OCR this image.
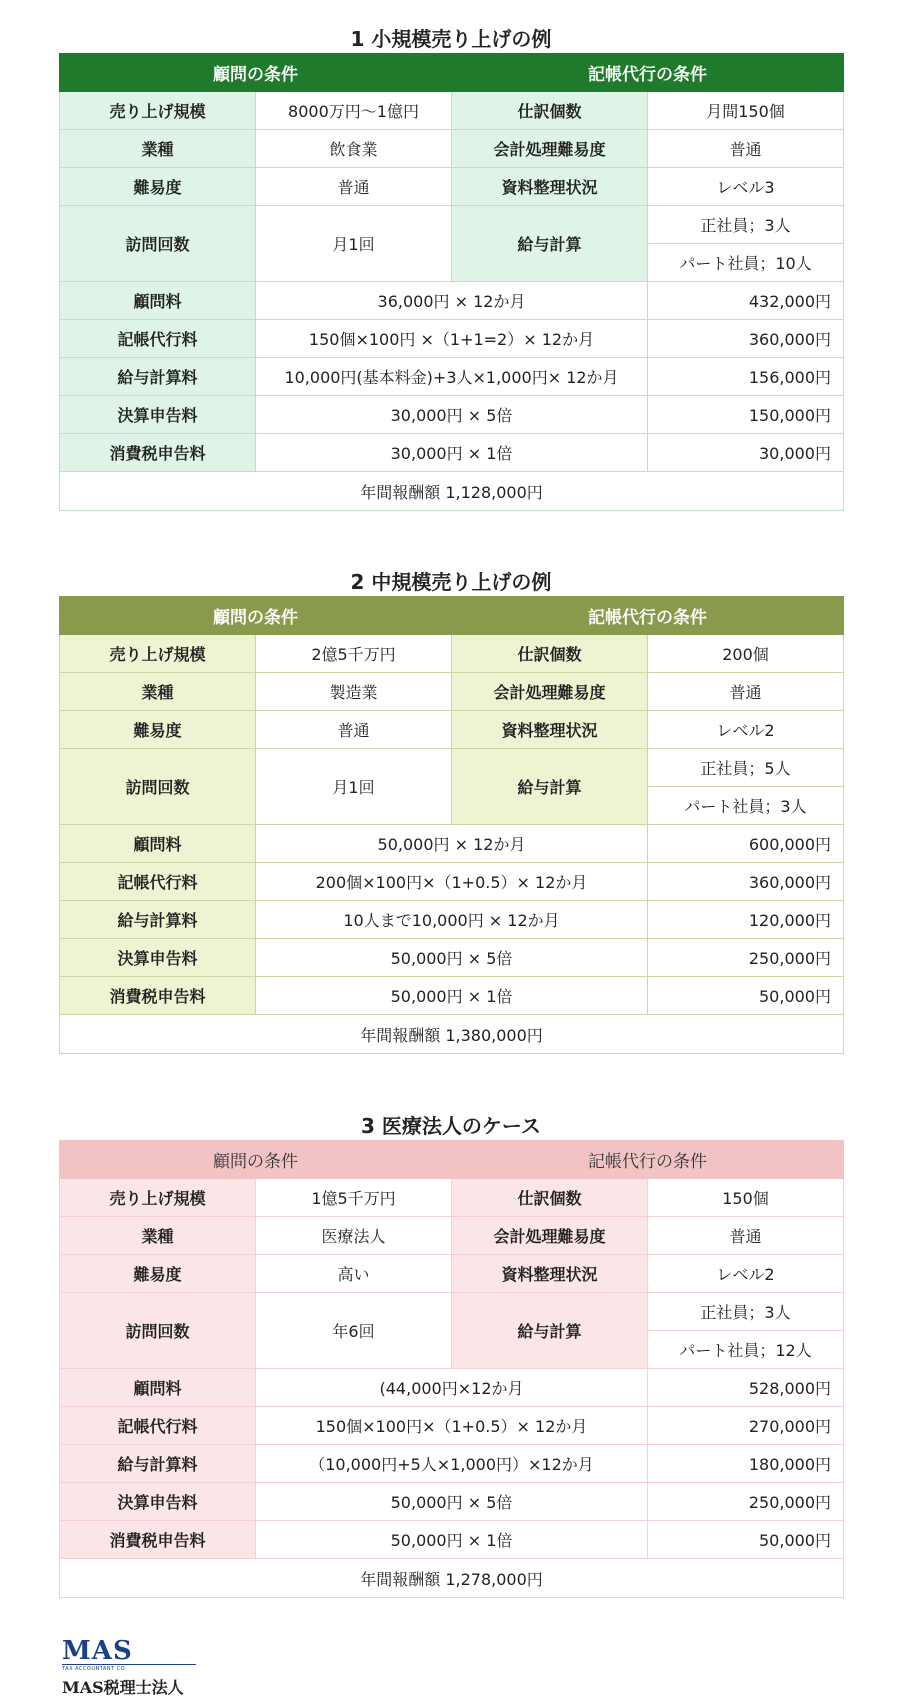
1 小規模売り上げの例
顧問の条件		記帳代行の条件	
売り上げ規模	8000万円～1億円	仕訳個数	月間150個
業種	飲食業	会計処理難易度	普通
難易度	普通	資料整理状況	レベル3
訪問回数	月1回	給与計算	正社員；3人
			パート社員；10人
顧問料	36,000円 × 12か月		432,000円
記帳代行料	150個×100円 ×（1+1=2）× 12か月		360,000円
給与計算料	10,000円(基本料金)+3人×1,000円× 12か月		156,000円
決算申告料	30,000円 × 5倍		150,000円
消費税申告料	30,000円 × 1倍		30,000円
年間報酬額 1,128,000円			
2 中規模売り上げの例
顧問の条件		記帳代行の条件	
売り上げ規模	2億5千万円	仕訳個数	200個
業種	製造業	会計処理難易度	普通
難易度	普通	資料整理状況	レベル2
訪問回数	月1回	給与計算	正社員；5人
			パート社員；3人
顧問料	50,000円 × 12か月		600,000円
記帳代行料	200個×100円×（1+0.5）× 12か月		360,000円
給与計算料	10人まで10,000円 × 12か月		120,000円
決算申告料	50,000円 × 5倍		250,000円
消費税申告料	50,000円 × 1倍		50,000円
年間報酬額 1,380,000円			
3 医療法人のケース
顧問の条件		記帳代行の条件	
売り上げ規模	1億5千万円	仕訳個数	150個
業種	医療法人	会計処理難易度	普通
難易度	高い	資料整理状況	レベル2
訪問回数	年6回	給与計算	正社員；3人
			パート社員；12人
顧問料	(44,000円×12か月		528,000円
記帳代行料	150個×100円×（1+0.5）× 12か月		270,000円
給与計算料	（10,000円+5人×1,000円）×12か月		180,000円
決算申告料	50,000円 × 5倍		250,000円
消費税申告料	50,000円 × 1倍		50,000円
年間報酬額 1,278,000円			
MAS
TAX ACCOUNTANT CO.
MAS税理士法人
